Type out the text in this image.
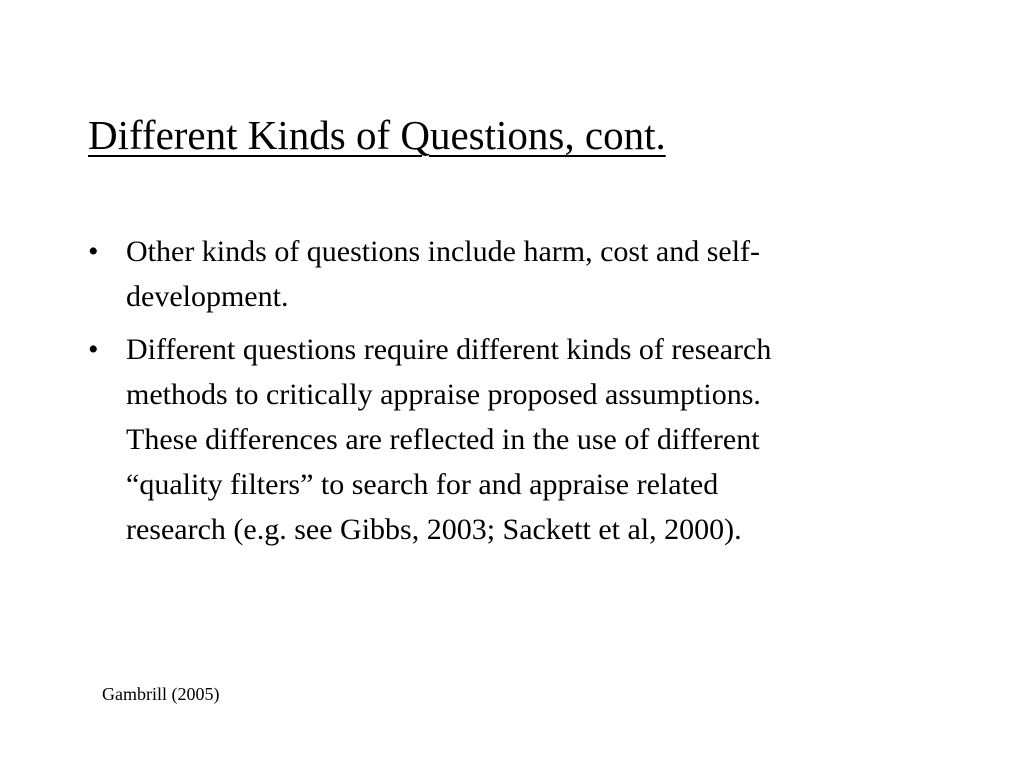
Different Kinds of Questions, cont.
• Other kinds of questions include harm, cost and self-
development.
• Different questions require different kinds of research
methods to critically appraise proposed assumptions.
These differences are reflected in the use of different
“quality filters” to search for and appraise related
research (e.g. see Gibbs, 2003; Sackett et al, 2000).

Gambrill (2005)
